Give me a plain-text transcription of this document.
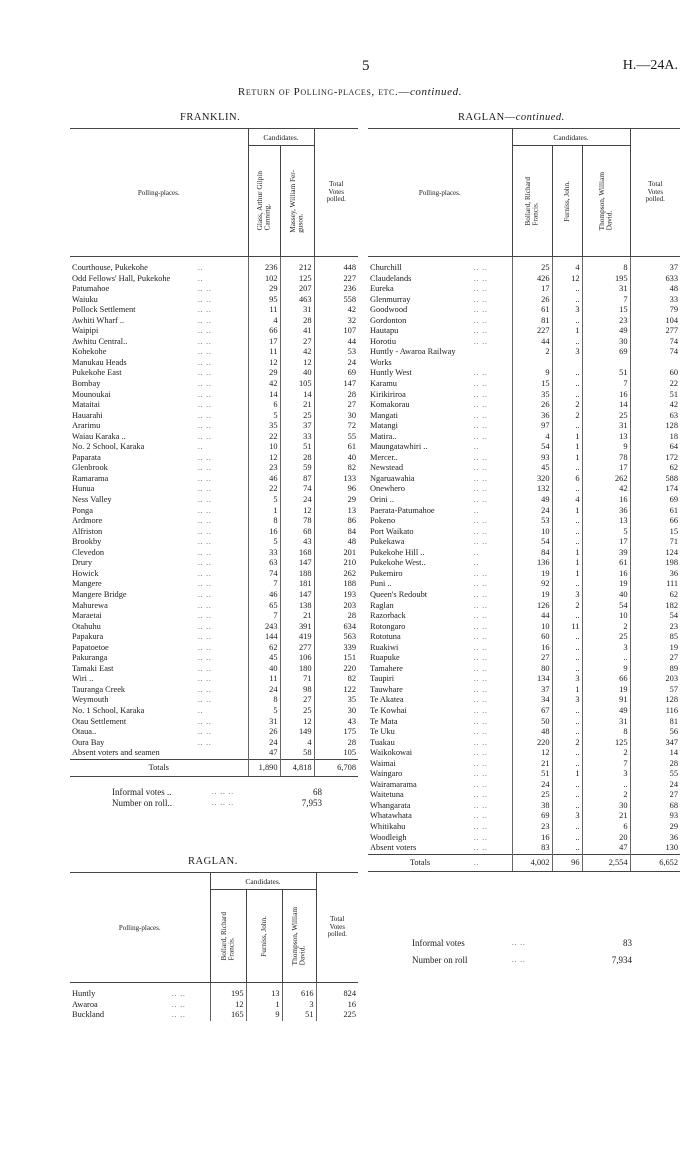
5	H.—24A.
Return of Polling-places, etc.—continued.
FRANKLIN.	RAGLAN—continued.
RAGLAN.
Polling-places.		Candidates.		Total
Votes
polled.

		Glass, Arthur Gilpin
Canning.	Massey, William Fer-
guson.	

Courthouse, Pukekohe	..	236	212	448
Odd Fellows' Hall, Pukekohe	..	102	125	227
Patumahoe	.. ..	29	207	236
Waiuku	.. ..	95	463	558
Pollock Settlement	.. ..	11	31	42
Awhiti Wharf ..	.. ..	4	28	32
Waipipi	.. ..	66	41	107
Awhitu Central..	.. ..	17	27	44
Kohekohe	.. ..	11	42	53
Manukau Heads	.. ..	12	12	24
Pukekohe East	.. ..	29	40	69
Bombay	.. ..	42	105	147
Mounoukai	.. ..	14	14	28
Mataitai	.. ..	6	21	27
Hauarahi	.. ..	5	25	30
Ararimu	.. ..	35	37	72
Waiau Karaka ..	.. ..	22	33	55
No. 2 School, Karaka	..	10	51	61
Paparata	.. ..	12	28	40
Glenbrook	.. ..	23	59	82
Ramarama	.. ..	46	87	133
Hunua	.. ..	22	74	96
Ness Valley	.. ..	5	24	29
Ponga	.. ..	1	12	13
Ardmore	.. ..	8	78	86
Alfriston	.. ..	16	68	84
Brookby	.. ..	5	43	48
Clevedon	.. ..	33	168	201
Drury	.. ..	63	147	210
Howick	.. ..	74	188	262
Mangere	.. ..	7	181	188
Mangere Bridge	.. ..	46	147	193
Mahurewa	.. ..	65	138	203
Maraetai	.. ..	7	21	28
Otahuhu	.. ..	243	391	634
Papakura	.. ..	144	419	563
Papatoetoe	.. ..	62	277	339
Pakuranga	.. ..	45	106	151
Tamaki East	.. ..	40	180	220
Wiri ..	.. ..	11	71	82
Tauranga Creek	.. ..	24	98	122
Weymouth	.. ..	8	27	35
No. 1 School, Karaka	..	5	25	30
Otau Settlement	.. ..	31	12	43
Otaua..	.. ..	26	149	175
Oura Bay	.. ..	24	4	28
Absent voters and seamen		47	58	105
Totals		1,890	4,818	6,708
Informal votes ..	.. .. ..	68
Number on roll..	.. .. ..	7,953
Polling-places.		Candidates.			Total
Votes
polled.

		Bollard, Richard
Francis.	Furniss, John.	Thompson, William
David.	

Huntly	.. ..	195	13	616	824
Awaroa	.. ..	12	1	3	16
Buckland	.. ..	165	9	51	225
Polling-places.		Candidates.			Total
Votes
polled.

		Bollard, Richard
Francis.	Furniss, John.	Thompson, William
David.	

Churchill	.. ..	25	4	8	37
Claudelands	.. ..	426	12	195	633
Eureka	.. ..	17	..	31	48
Glenmurray	.. ..	26	..	7	33
Goodwood	.. ..	61	3	15	79
Gordonton	.. ..	81	..	23	104
Hautapu	.. ..	227	1	49	277
Horotiu	.. ..	44	..	30	74
Huntly - Awaroa Railway		2	3	69	74
Works					
Huntly West	.. ..	9	..	51	60
Karamu	.. ..	15	..	7	22
Kirikiriroa	.. ..	35	..	16	51
Komakorau	.. ..	26	2	14	42
Mangati	.. ..	36	2	25	63
Matangi	.. ..	97	..	31	128
Matira..	.. ..	4	1	13	18
Maungatawhiri ..	..	54	1	9	64
Mercer..	.. ..	93	1	78	172
Newstead	.. ..	45	..	17	62
Ngaruawahia	.. ..	320	6	262	588
Onewhero	.. ..	132	..	42	174
Orini ..	.. ..	49	4	16	69
Paerata-Patumahoe	..	24	1	36	61
Pokeno	.. ..	53	..	13	66
Port Waikato	.. ..	10	..	5	15
Pukekawa	.. ..	54	..	17	71
Pukekohe Hill ..	..	84	1	39	124
Pukekohe West..	..	136	1	61	198
Pukemiro	.. ..	19	1	16	36
Puni ..	.. ..	92	..	19	111
Queen's Redoubt	.. ..	19	3	40	62
Raglan	.. ..	126	2	54	182
Razorback	.. ..	44	..	10	54
Rotongaro	.. ..	10	11	2	23
Rototuna	.. ..	60	..	25	85
Ruakiwi	.. ..	16	..	3	19
Ruapuke	.. ..	27	..	..	27
Tamahere	.. ..	80	..	9	89
Taupiri	.. ..	134	3	66	203
Tauwhare	.. ..	37	1	19	57
Te Akatea	.. ..	34	3	91	128
Te Kowhai	.. ..	67	..	49	116
Te Mata	.. ..	50	..	31	81
Te Uku	.. ..	48	..	8	56
Tuakau	.. ..	220	2	125	347
Waikokowai	.. ..	12	..	2	14
Waimai	.. ..	21	..	7	28
Waingaro	.. ..	51	1	3	55
Wairamarama	.. ..	24	..	..	24
Waitetuna	.. ..	25	..	2	27
Whangarata	.. ..	38	..	30	68
Whatawhata	.. ..	69	3	21	93
Whitikahu	.. ..	23	..	6	29
Woodleigh	.. ..	16	..	20	36
Absent voters	.. ..	83	..	47	130
Totals	..	4,002	96	2,554	6,652
Informal votes	.. ..	83
Number on roll	.. ..	7,934
